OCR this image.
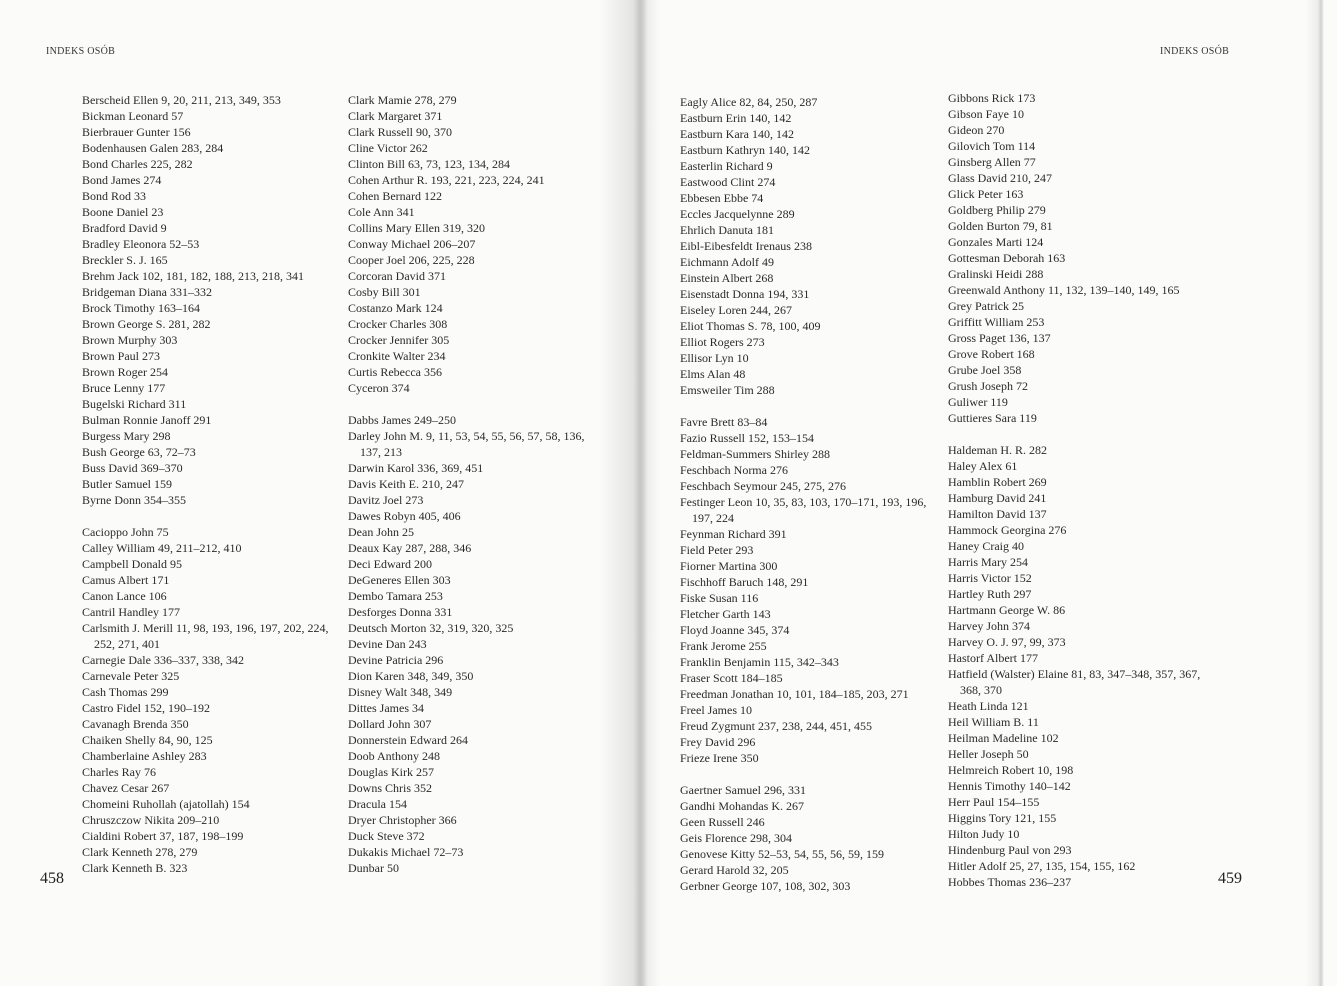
INDEKS OSÓB
458

Berscheid Ellen 9, 20, 211, 213, 349, 353

Bickman Leonard 57

Bierbrauer Gunter 156

Bodenhausen Galen 283, 284

Bond Charles 225, 282

Bond James 274

Bond Rod 33

Boone Daniel 23

Bradford David 9

Bradley Eleonora 52–53

Breckler S. J. 165

Brehm Jack 102, 181, 182, 188, 213, 218, 341

Bridgeman Diana 331–332

Brock Timothy 163–164

Brown George S. 281, 282

Brown Murphy 303

Brown Paul 273

Brown Roger 254

Bruce Lenny 177

Bugelski Richard 311

Bulman Ronnie Janoff 291

Burgess Mary 298

Bush George 63, 72–73

Buss David 369–370

Butler Samuel 159

Byrne Donn 354–355

Cacioppo John 75

Calley William 49, 211–212, 410

Campbell Donald 95

Camus Albert 171

Canon Lance 106

Cantril Handley 177

Carlsmith J. Merill 11, 98, 193, 196, 197, 202, 224, 252, 271, 401

Carnegie Dale 336–337, 338, 342

Carnevale Peter 325

Cash Thomas 299

Castro Fidel 152, 190–192

Cavanagh Brenda 350

Chaiken Shelly 84, 90, 125

Chamberlaine Ashley 283

Charles Ray 76

Chavez Cesar 267

Chomeini Ruhollah (ajatollah) 154

Chruszczow Nikita 209–210

Cialdini Robert 37, 187, 198–199

Clark Kenneth 278, 279

Clark Kenneth B. 323

Clark Mamie 278, 279

Clark Margaret 371

Clark Russell 90, 370

Cline Victor 262

Clinton Bill 63, 73, 123, 134, 284

Cohen Arthur R. 193, 221, 223, 224, 241

Cohen Bernard 122

Cole Ann 341

Collins Mary Ellen 319, 320

Conway Michael 206–207

Cooper Joel 206, 225, 228

Corcoran David 371

Cosby Bill 301

Costanzo Mark 124

Crocker Charles 308

Crocker Jennifer 305

Cronkite Walter 234

Curtis Rebecca 356

Cyceron 374

Dabbs James 249–250

Darley John M. 9, 11, 53, 54, 55, 56, 57, 58, 136, 137, 213

Darwin Karol 336, 369, 451

Davis Keith E. 210, 247

Davitz Joel 273

Dawes Robyn 405, 406

Dean John 25

Deaux Kay 287, 288, 346

Deci Edward 200

DeGeneres Ellen 303

Dembo Tamara 253

Desforges Donna 331

Deutsch Morton 32, 319, 320, 325

Devine Dan 243

Devine Patricia 296

Dion Karen 348, 349, 350

Disney Walt 348, 349

Dittes James 34

Dollard John 307

Donnerstein Edward 264

Doob Anthony 248

Douglas Kirk 257

Downs Chris 352

Dracula 154

Dryer Christopher 366

Duck Steve 372

Dukakis Michael 72–73

Dunbar 50

INDEKS OSÓB
459

Eagly Alice 82, 84, 250, 287

Eastburn Erin 140, 142

Eastburn Kara 140, 142

Eastburn Kathryn 140, 142

Easterlin Richard 9

Eastwood Clint 274

Ebbesen Ebbe 74

Eccles Jacquelynne 289

Ehrlich Danuta 181

Eibl-Eibesfeldt Irenaus 238

Eichmann Adolf 49

Einstein Albert 268

Eisenstadt Donna 194, 331

Eiseley Loren 244, 267

Eliot Thomas S. 78, 100, 409

Elliot Rogers 273

Ellisor Lyn 10

Elms Alan 48

Emsweiler Tim 288

Favre Brett 83–84

Fazio Russell 152, 153–154

Feldman-Summers Shirley 288

Feschbach Norma 276

Feschbach Seymour 245, 275, 276

Festinger Leon 10, 35, 83, 103, 170–171, 193, 196, 197, 224

Feynman Richard 391

Field Peter 293

Fiorner Martina 300

Fischhoff Baruch 148, 291

Fiske Susan 116

Fletcher Garth 143

Floyd Joanne 345, 374

Frank Jerome 255

Franklin Benjamin 115, 342–343

Fraser Scott 184–185

Freedman Jonathan 10, 101, 184–185, 203, 271

Freel James 10

Freud Zygmunt 237, 238, 244, 451, 455

Frey David 296

Frieze Irene 350

Gaertner Samuel 296, 331

Gandhi Mohandas K. 267

Geen Russell 246

Geis Florence 298, 304

Genovese Kitty 52–53, 54, 55, 56, 59, 159

Gerard Harold 32, 205

Gerbner George 107, 108, 302, 303

Gibbons Rick 173

Gibson Faye 10

Gideon 270

Gilovich Tom 114

Ginsberg Allen 77

Glass David 210, 247

Glick Peter 163

Goldberg Philip 279

Golden Burton 79, 81

Gonzales Marti 124

Gottesman Deborah 163

Gralinski Heidi 288

Greenwald Anthony 11, 132, 139–140, 149, 165

Grey Patrick 25

Griffitt William 253

Gross Paget 136, 137

Grove Robert 168

Grube Joel 358

Grush Joseph 72

Guliwer 119

Guttieres Sara 119

Haldeman H. R. 282

Haley Alex 61

Hamblin Robert 269

Hamburg David 241

Hamilton David 137

Hammock Georgina 276

Haney Craig 40

Harris Mary 254

Harris Victor 152

Hartley Ruth 297

Hartmann George W. 86

Harvey John 374

Harvey O. J. 97, 99, 373

Hastorf Albert 177

Hatfield (Walster) Elaine 81, 83, 347–348, 357, 367, 368, 370

Heath Linda 121

Heil William B. 11

Heilman Madeline 102

Heller Joseph 50

Helmreich Robert 10, 198

Hennis Timothy 140–142

Herr Paul 154–155

Higgins Tory 121, 155

Hilton Judy 10

Hindenburg Paul von 293

Hitler Adolf 25, 27, 135, 154, 155, 162

Hobbes Thomas 236–237
